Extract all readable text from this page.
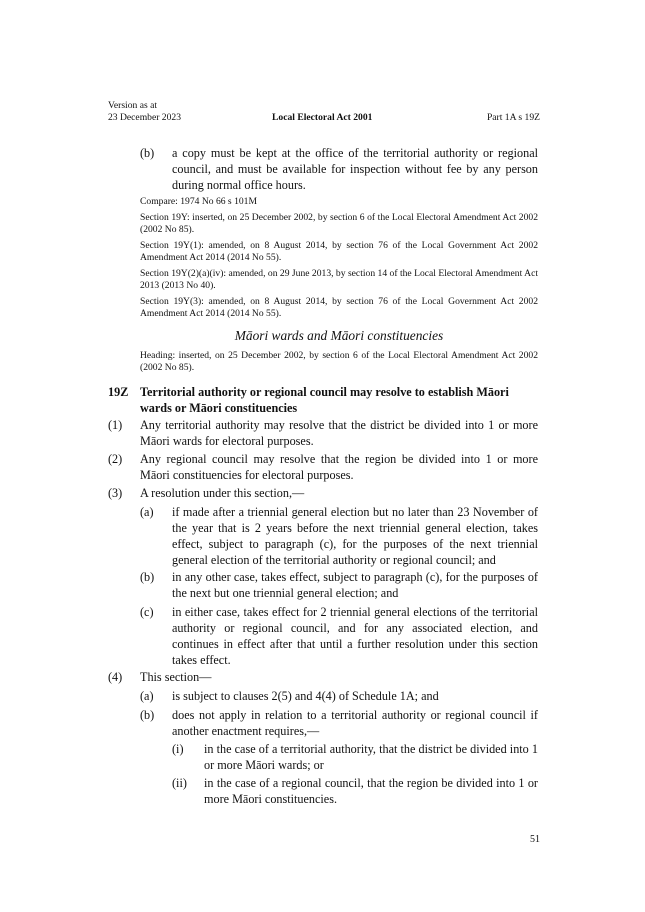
Version as at
23 December 2023	Local Electoral Act 2001	Part 1A s 19Z
(b) a copy must be kept at the office of the territorial authority or regional council, and must be available for inspection without fee by any person during normal office hours.
Compare: 1974 No 66 s 101M
Section 19Y: inserted, on 25 December 2002, by section 6 of the Local Electoral Amendment Act 2002 (2002 No 85).
Section 19Y(1): amended, on 8 August 2014, by section 76 of the Local Government Act 2002 Amendment Act 2014 (2014 No 55).
Section 19Y(2)(a)(iv): amended, on 29 June 2013, by section 14 of the Local Electoral Amendment Act 2013 (2013 No 40).
Section 19Y(3): amended, on 8 August 2014, by section 76 of the Local Government Act 2002 Amendment Act 2014 (2014 No 55).
Māori wards and Māori constituencies
Heading: inserted, on 25 December 2002, by section 6 of the Local Electoral Amendment Act 2002 (2002 No 85).
19Z Territorial authority or regional council may resolve to establish Māori wards or Māori constituencies
(1) Any territorial authority may resolve that the district be divided into 1 or more Māori wards for electoral purposes.
(2) Any regional council may resolve that the region be divided into 1 or more Māori constituencies for electoral purposes.
(3) A resolution under this section,—
(a) if made after a triennial general election but no later than 23 November of the year that is 2 years before the next triennial general election, takes effect, subject to paragraph (c), for the purposes of the next triennial general election of the territorial authority or regional council; and
(b) in any other case, takes effect, subject to paragraph (c), for the purposes of the next but one triennial general election; and
(c) in either case, takes effect for 2 triennial general elections of the territorial authority or regional council, and for any associated election, and continues in effect after that until a further resolution under this section takes effect.
(4) This section—
(a) is subject to clauses 2(5) and 4(4) of Schedule 1A; and
(b) does not apply in relation to a territorial authority or regional council if another enactment requires,—
(i) in the case of a territorial authority, that the district be divided into 1 or more Māori wards; or
(ii) in the case of a regional council, that the region be divided into 1 or more Māori constituencies.
51
